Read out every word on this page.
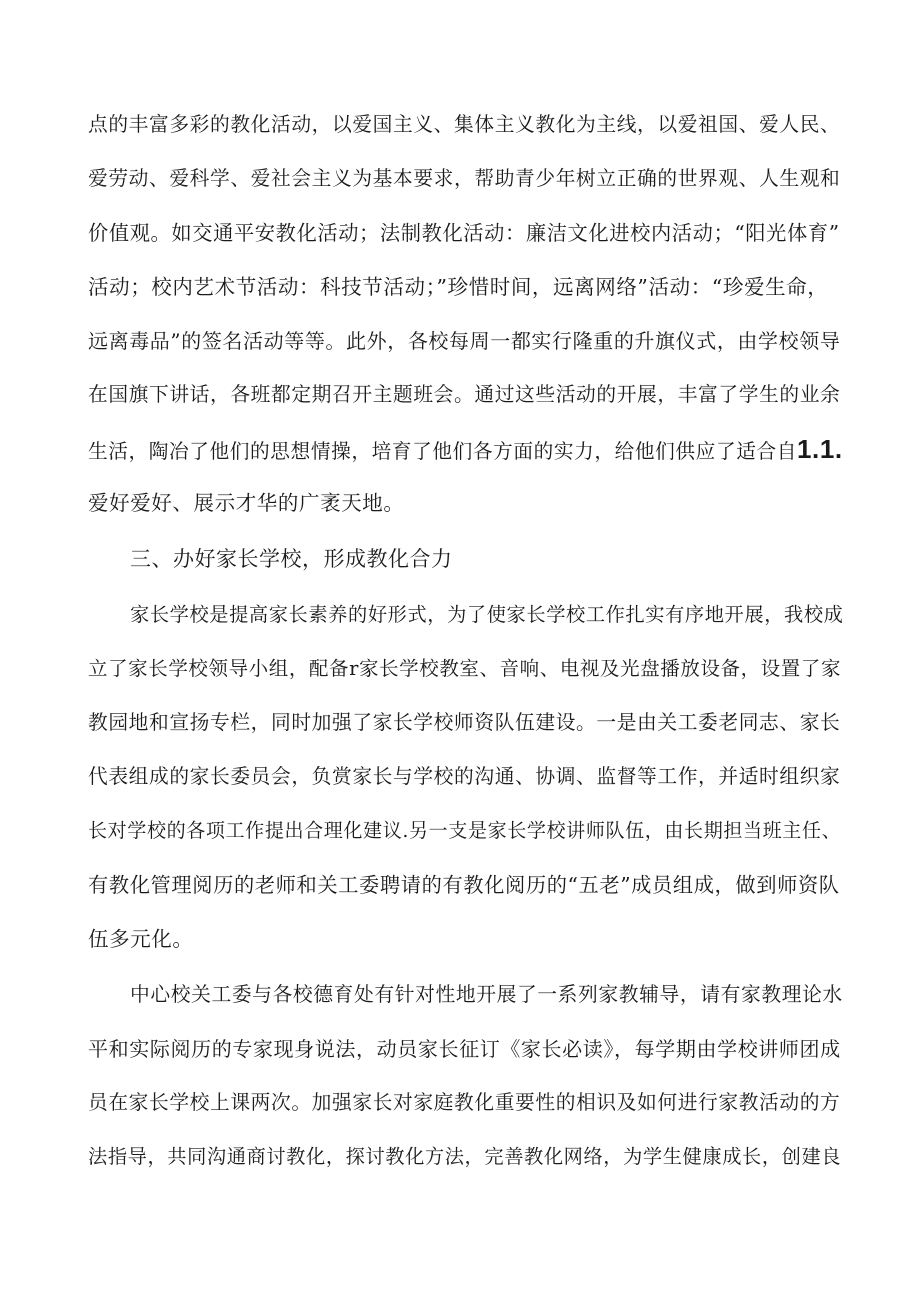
点的丰富多彩的教化活动，以爱国主义、集体主义教化为主线，以爱祖国、爱人民、
爱劳动、爱科学、爱社会主义为基本要求，帮助青少年树立正确的世界观、人生观和
价值观。如交通平安教化活动；法制教化活动：廉洁文化进校内活动；“阳光体育”
活动；校内艺术节活动：科技节活动；”珍惜时间，远离网络”活动：“珍爱生命，
远离毒品”的签名活动等等。此外，各校每周一都实行隆重的升旗仪式，由学校领导
在国旗下讲话，各班都定期召开主题班会。通过这些活动的开展，丰富了学生的业余
生活，陶冶了他们的思想情操，培育了他们各方面的实力，给他们供应了适合自1.1.
爱好爱好、展示才华的广袤天地。
三、办好家长学校，形成教化合力
家长学校是提高家长素养的好形式，为了使家长学校工作扎实有序地开展，我校成
立了家长学校领导小组，配备r家长学校教室、音响、电视及光盘播放设备，设置了家
教园地和宣扬专栏，同时加强了家长学校师资队伍建设。一是由关工委老同志、家长
代表组成的家长委员会，负赏家长与学校的沟通、协调、监督等工作，并适时组织家
长对学校的各项工作提出合理化建议.另一支是家长学校讲师队伍，由长期担当班主任、
有教化管理阅历的老师和关工委聘请的有教化阅历的“五老”成员组成，做到师资队
伍多元化。
中心校关工委与各校德育处有针对性地开展了一系列家教辅导，请有家教理论水
平和实际阅历的专家现身说法，动员家长征订《家长必读》，每学期由学校讲师团成
员在家长学校上课两次。加强家长对家庭教化重要性的相识及如何进行家教活动的方
法指导，共同沟通商讨教化，探讨教化方法，完善教化网络，为学生健康成长，创建良
